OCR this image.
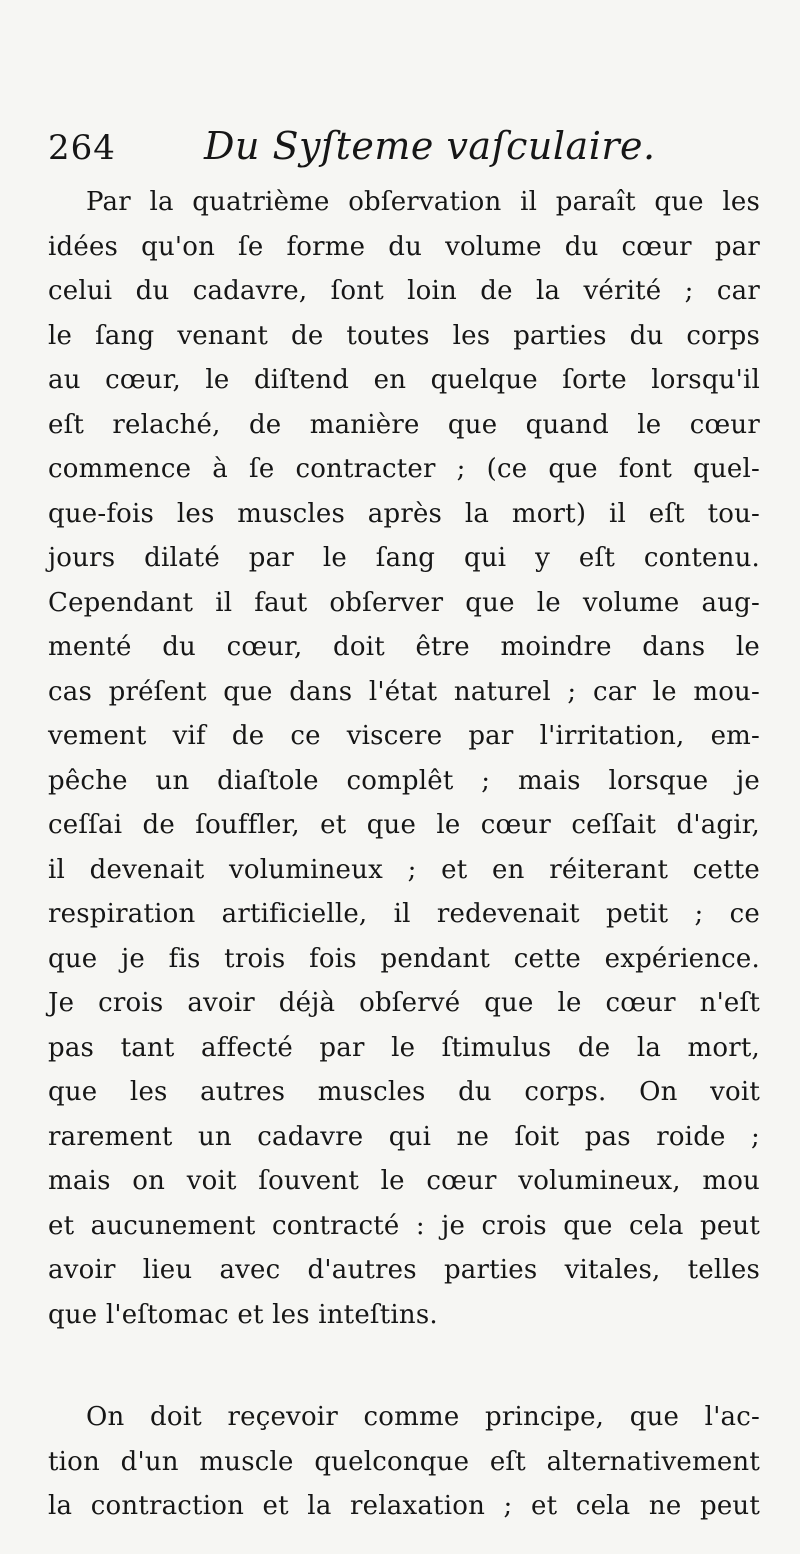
264 Du Syſteme vaſculaire.
Par la quatrième obſervation il paraît que les
idées qu'on ſe forme du volume du cœur par
celui du cadavre, ſont loin de la vérité ; car
le ſang venant de toutes les parties du corps
au cœur, le diſtend en quelque ſorte lorsqu'il
eſt relaché, de manière que quand le cœur
commence à ſe contracter ; (ce que font quel-
que-fois les muscles après la mort) il eſt tou-
jours dilaté par le ſang qui y eſt contenu.
Cependant il faut obſerver que le volume aug-
menté du cœur, doit être moindre dans le
cas préſent que dans l'état naturel ; car le mou-
vement vif de ce viscere par l'irritation, em-
pêche un diaſtole complêt ; mais lorsque je
ceſſai de ſouffler, et que le cœur ceſſait d'agir,
il devenait volumineux ; et en réiterant cette
respiration artificielle, il redevenait petit ; ce
que je fis trois fois pendant cette expérience.
Je crois avoir déjà obſervé que le cœur n'eſt
pas tant affecté par le ſtimulus de la mort,
que les autres muscles du corps. On voit
rarement un cadavre qui ne ſoit pas roide ;
mais on voit ſouvent le cœur volumineux, mou
et aucunement contracté : je crois que cela peut
avoir lieu avec d'autres parties vitales, telles
que l'eſtomac et les inteſtins.
On doit reçevoir comme principe, que l'ac-
tion d'un muscle quelconque eſt alternativement
la contraction et la relaxation ; et cela ne peut
